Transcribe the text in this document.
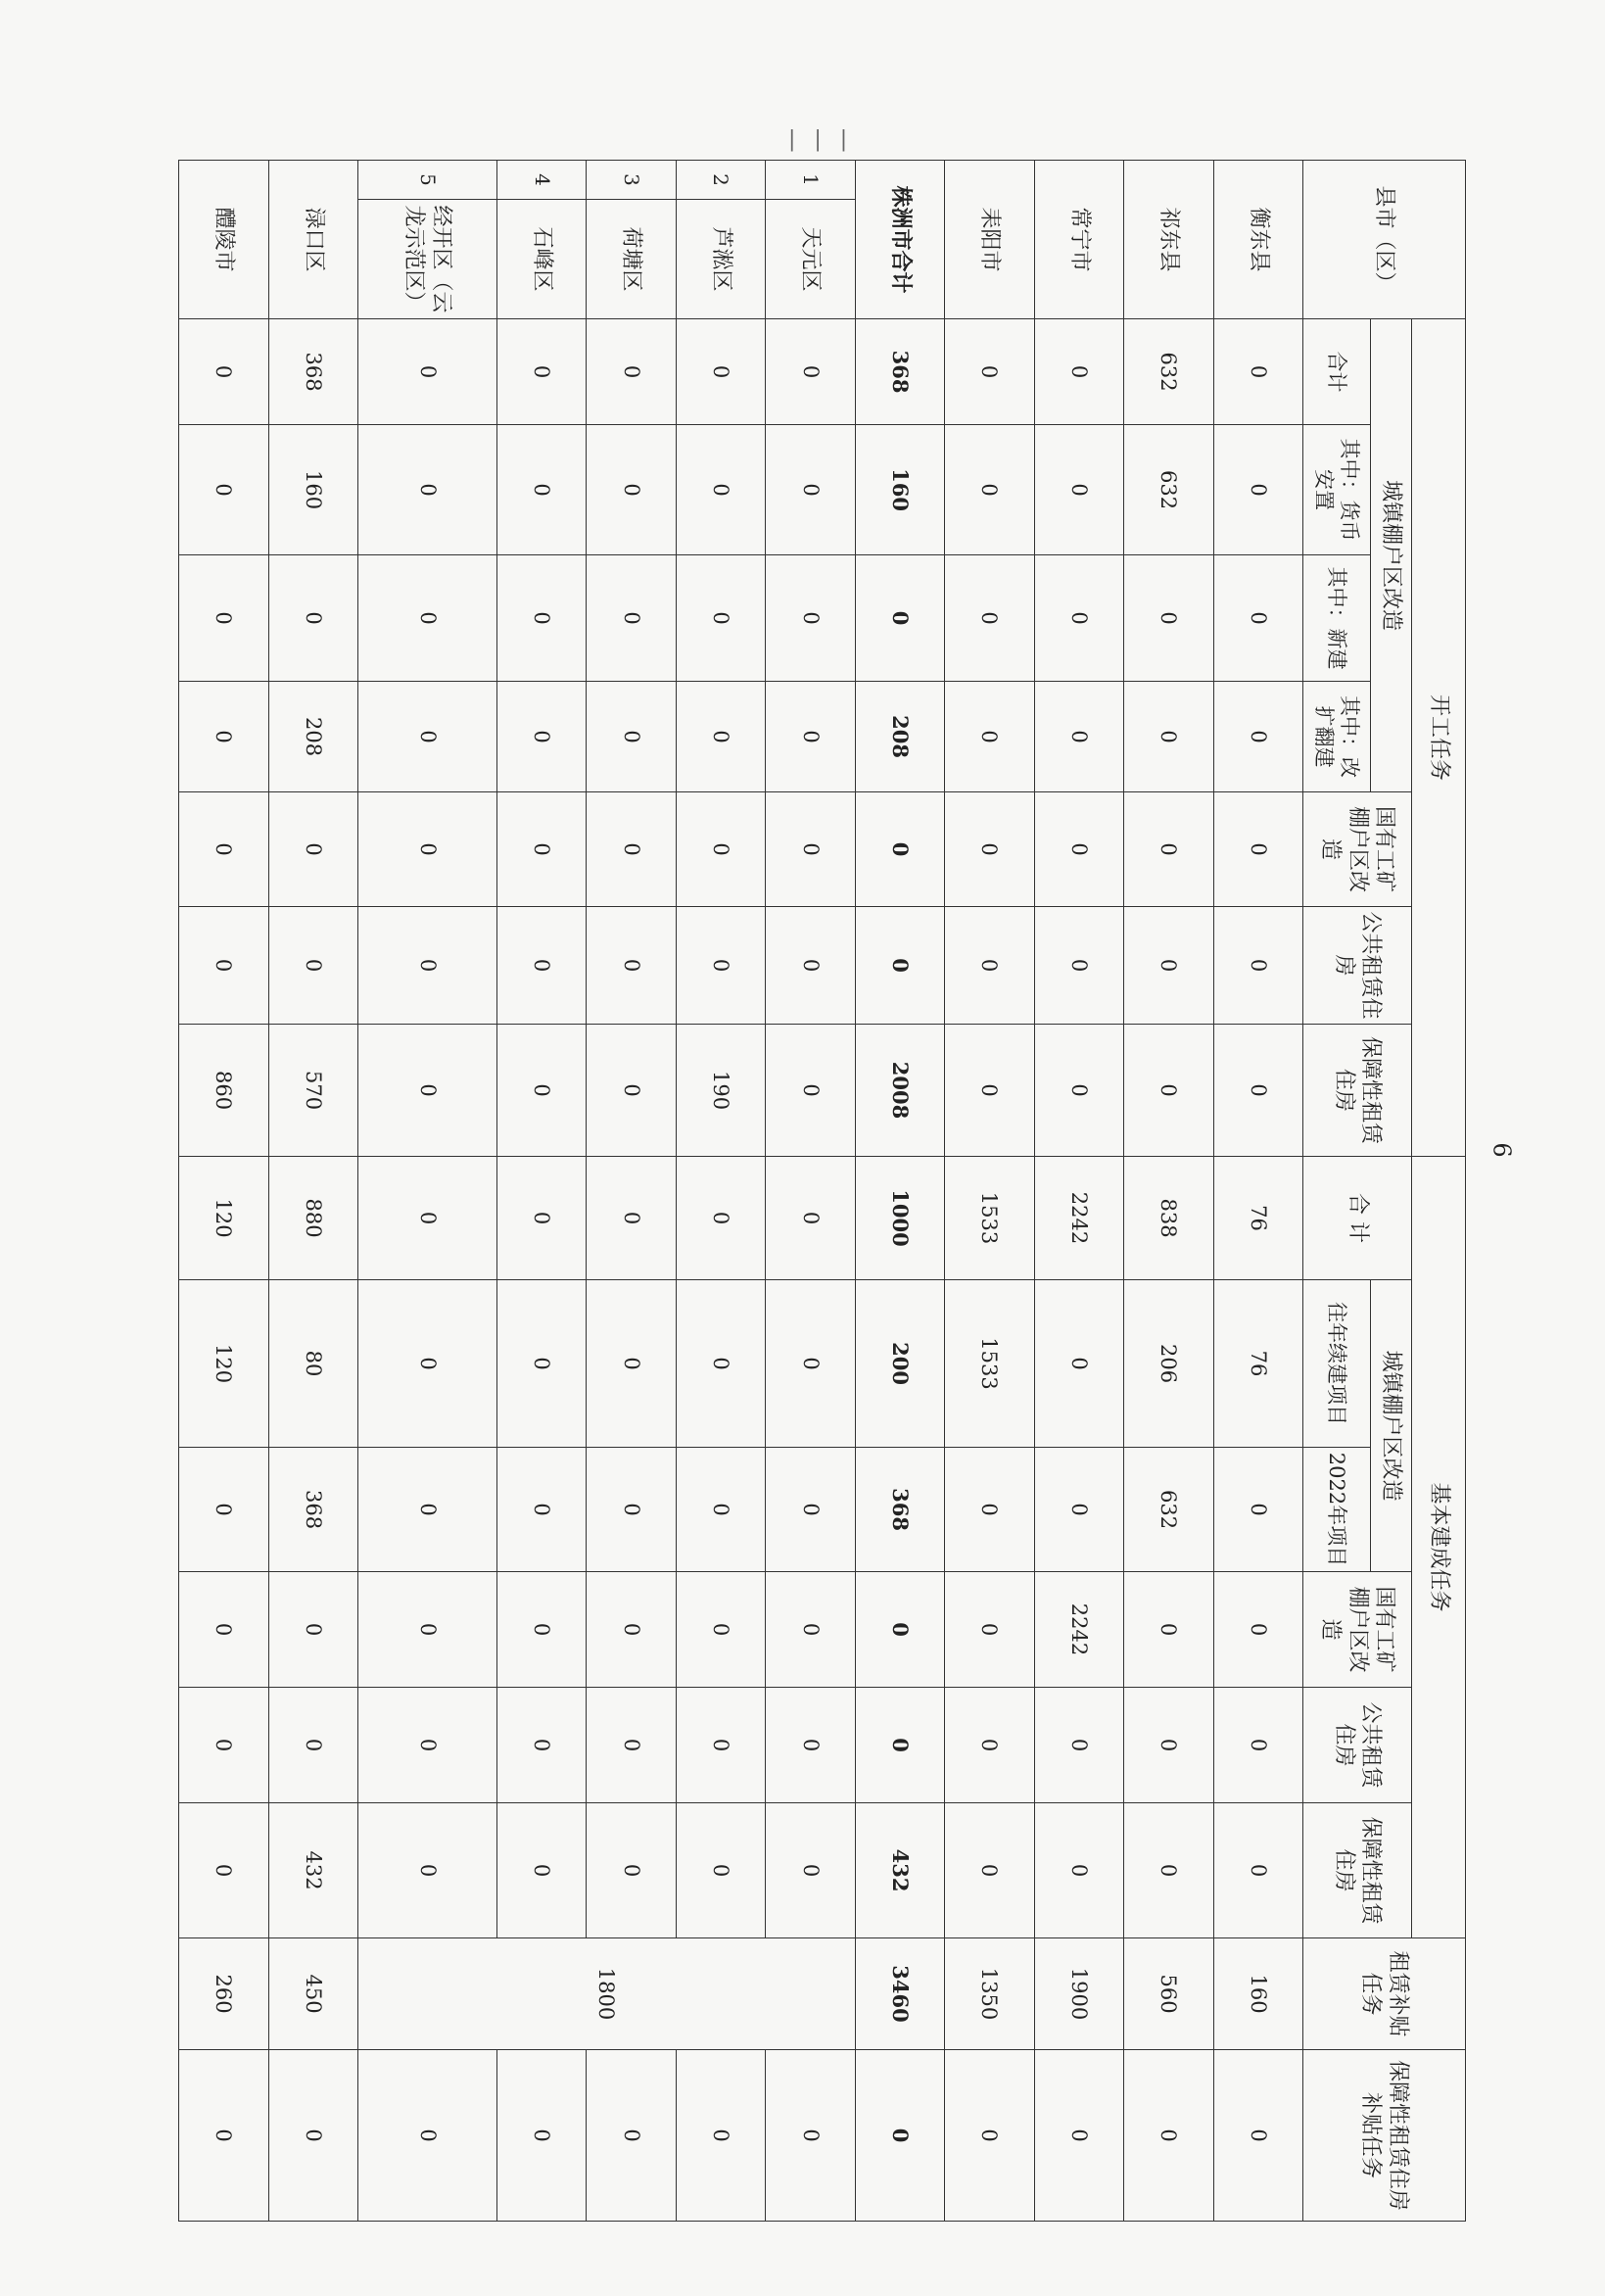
| | |
县市（区）		开工任务							基本建成任务						租赁补贴任务	保障性租赁住房补贴任务
		城镇棚户区改造				国有工矿棚户区改造	公共租赁住房	保障性租赁住房	合 计	城镇棚户区改造		国有工矿棚户区改造	公共租赁住房	保障性租赁住房		
		合计	其中：货币安置	其中：新建	其中：改扩翻建					往年续建项目	2022年项目					
衡东县		0	0	0	0	0	0	0	76	76	0	0	0	0	160	0
祁东县		632	632	0	0	0	0	0	838	206	632	0	0	0	560	0
常宁市		0	0	0	0	0	0	0	2242	0	0	2242	0	0	1900	0
耒阳市		0	0	0	0	0	0	0	1533	1533	0	0	0	0	1350	0
株洲市合计		368	160	0	208	0	0	2008	1000	200	368	0	0	432	3460	0
1	天元区	0	0	0	0	0	0	0	0	0	0	0	0	0	1800	0
2	芦淞区	0	0	0	0	0	0	190	0	0	0	0	0	0		0
3	荷塘区	0	0	0	0	0	0	0	0	0	0	0	0	0		0
4	石峰区	0	0	0	0	0	0	0	0	0	0	0	0	0		0
5	经开区（云龙示范区）	0	0	0	0	0	0	0	0	0	0	0	0	0		0
渌口区		368	160	0	208	0	0	570	880	80	368	0	0	432	450	0
醴陵市		0	0	0	0	0	0	860	120	120	0	0	0	0	260	0
6
